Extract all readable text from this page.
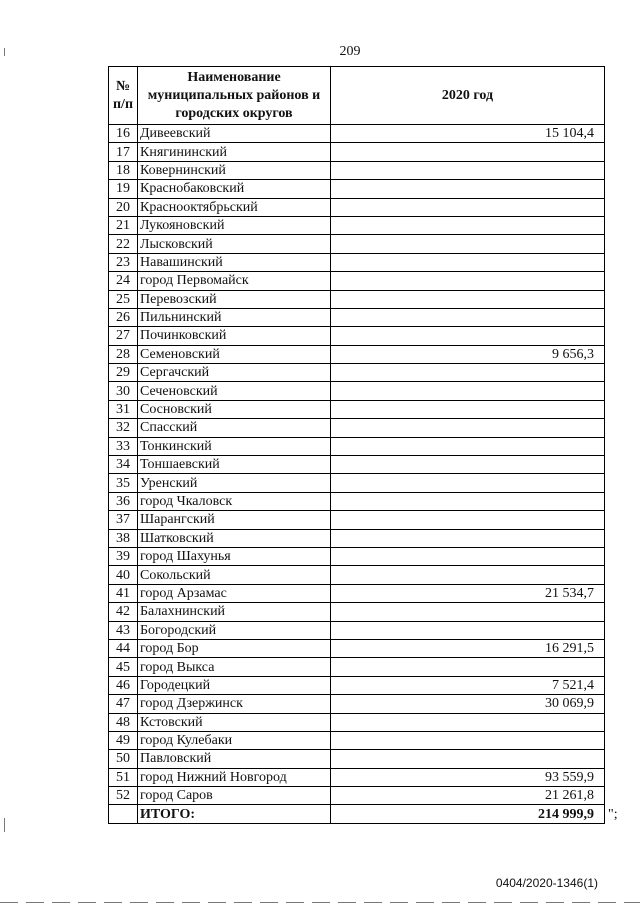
209
№ п/п	Наименование муниципальных районов и городских округов	2020 год
16	Дивеевский	15 104,4
17	Княгининский	
18	Ковернинский	
19	Краснобаковский	
20	Краснооктябрьский	
21	Лукояновский	
22	Лысковский	
23	Навашинский	
24	город Первомайск	
25	Перевозский	
26	Пильнинский	
27	Починковский	
28	Семеновский	9 656,3
29	Сергачский	
30	Сеченовский	
31	Сосновский	
32	Спасский	
33	Тонкинский	
34	Тоншаевский	
35	Уренский	
36	город Чкаловск	
37	Шарангский	
38	Шатковский	
39	город Шахунья	
40	Сокольский	
41	город Арзамас	21 534,7
42	Балахнинский	
43	Богородский	
44	город Бор	16 291,5
45	город Выкса	
46	Городецкий	7 521,4
47	город Дзержинск	30 069,9
48	Кстовский	
49	город Кулебаки	
50	Павловский	
51	город Нижний Новгород	93 559,9
52	город Саров	21 261,8
	ИТОГО:	214 999,9 ";
0404/2020-1346(1)
